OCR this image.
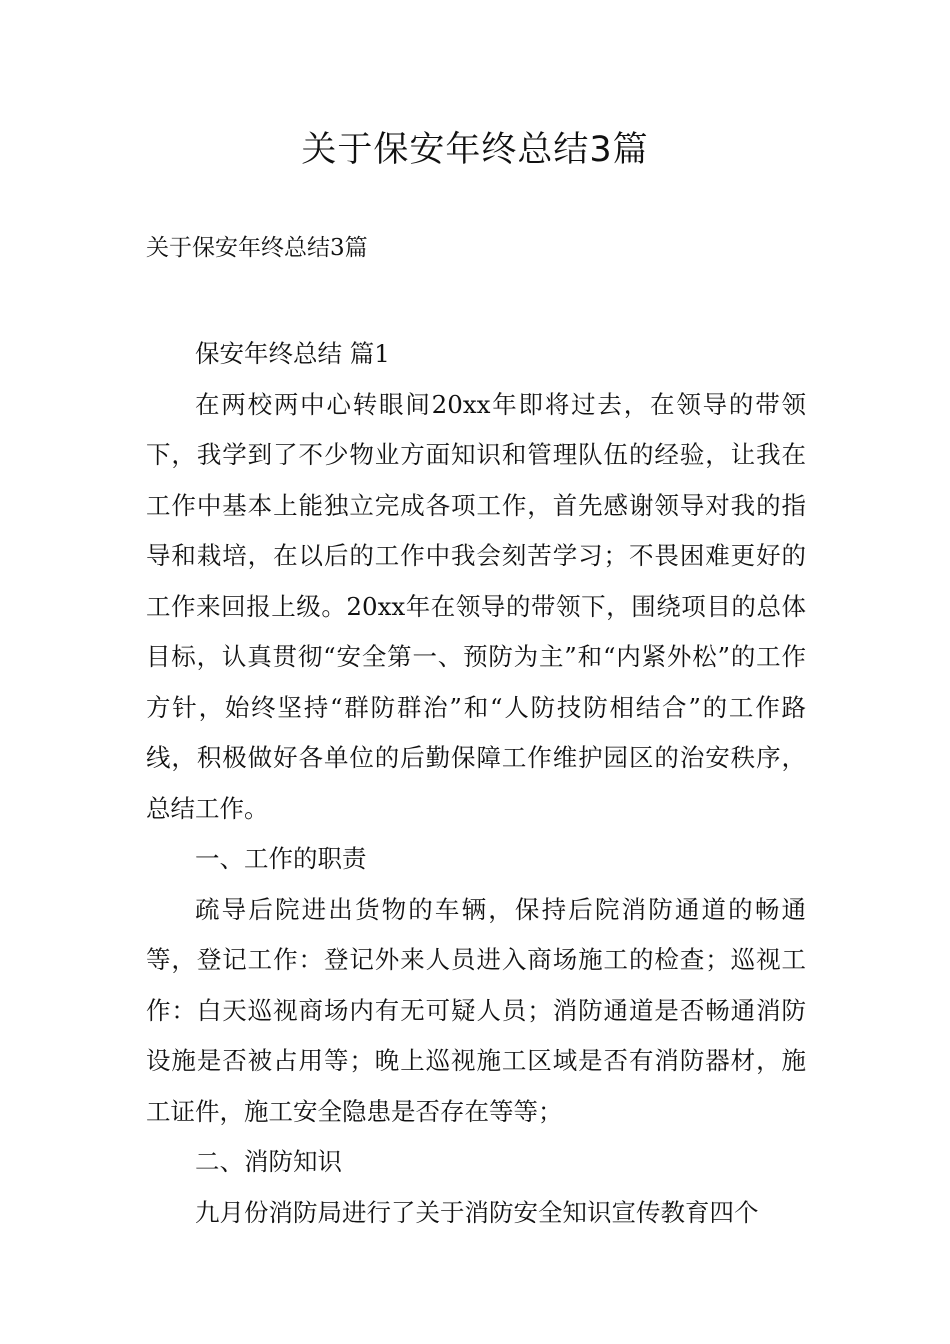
关于保安年终总结3篇

关于保安年终总结3篇

保安年终总结 篇1

在两校两中心转眼间20xx年即将过去，在领导的带领下，我学到了不少物业方面知识和管理队伍的经验，让我在工作中基本上能独立完成各项工作，首先感谢领导对我的指导和栽培，在以后的工作中我会刻苦学习；不畏困难更好的工作来回报上级。20xx年在领导的带领下，围绕项目的总体目标，认真贯彻“安全第一、预防为主”和“内紧外松”的工作方针，始终坚持“群防群治”和“人防技防相结合”的工作路线，积极做好各单位的后勤保障工作维护园区的治安秩序，总结工作。

一、工作的职责

疏导后院进出货物的车辆，保持后院消防通道的畅通等，登记工作：登记外来人员进入商场施工的检查；巡视工作：白天巡视商场内有无可疑人员；消防通道是否畅通消防设施是否被占用等；晚上巡视施工区域是否有消防器材，施工证件，施工安全隐患是否存在等等；

二、消防知识

九月份消防局进行了关于消防安全知识宣传教育四个
